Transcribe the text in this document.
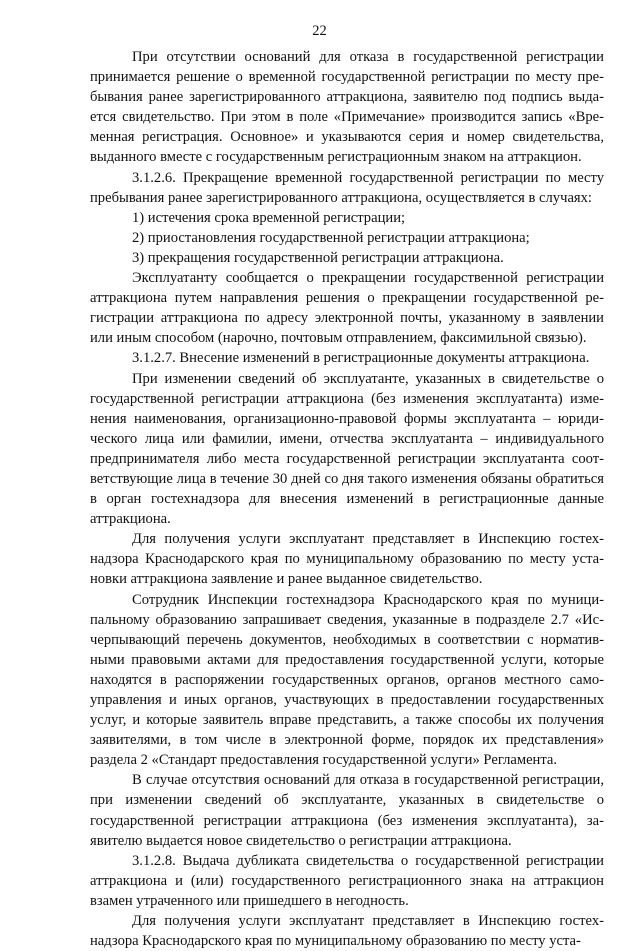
22

При отсутствии оснований для отказа в государственной регистрации принимается решение о временной государственной регистрации по месту пребывания ранее зарегистрированного аттракциона, заявителю под подпись выдается свидетельство. При этом в поле «Примечание» производится запись «Временная регистрация. Основное» и указываются серия и номер свидетельства, выданного вместе с государственным регистрационным знаком на аттракцион.

3.1.2.6. Прекращение временной государственной регистрации по месту пребывания ранее зарегистрированного аттракциона, осуществляется в случаях:

1) истечения срока временной регистрации;

2) приостановления государственной регистрации аттракциона;

3) прекращения государственной регистрации аттракциона.

Эксплуатанту сообщается о прекращении государственной регистрации аттракциона путем направления решения о прекращении государственной регистрации аттракциона по адресу электронной почты, указанному в заявлении или иным способом (нарочно, почтовым отправлением, факсимильной связью).

3.1.2.7. Внесение изменений в регистрационные документы аттракциона.

При изменении сведений об эксплуатанте, указанных в свидетельстве о государственной регистрации аттракциона (без изменения эксплуатанта) изменения наименования, организационно-правовой формы эксплуатанта – юридического лица или фамилии, имени, отчества эксплуатанта – индивидуального предпринимателя либо места государственной регистрации эксплуатанта соответствующие лица в течение 30 дней со дня такого изменения обязаны обратиться в орган гостехнадзора для внесения изменений в регистрационные данные аттракциона.

Для получения услуги эксплуатант представляет в Инспекцию гостехнадзора Краснодарского края по муниципальному образованию по месту установки аттракциона заявление и ранее выданное свидетельство.

Сотрудник Инспекции гостехнадзора Краснодарского края по муниципальному образованию запрашивает сведения, указанные в подразделе 2.7 «Исчерпывающий перечень документов, необходимых в соответствии с нормативными правовыми актами для предоставления государственной услуги, которые находятся в распоряжении государственных органов, органов местного самоуправления и иных органов, участвующих в предоставлении государственных услуг, и которые заявитель вправе представить, а также способы их получения заявителями, в том числе в электронной форме, порядок их представления» раздела 2 «Стандарт предоставления государственной услуги» Регламента.

В случае отсутствия оснований для отказа в государственной регистрации, при изменении сведений об эксплуатанте, указанных в свидетельстве о государственной регистрации аттракциона (без изменения эксплуатанта), заявителю выдается новое свидетельство о регистрации аттракциона.

3.1.2.8. Выдача дубликата свидетельства о государственной регистрации аттракциона и (или) государственного регистрационного знака на аттракцион взамен утраченного или пришедшего в негодность.

Для получения услуги эксплуатант представляет в Инспекцию гостехнадзора Краснодарского края по муниципальному образованию по месту уста-
